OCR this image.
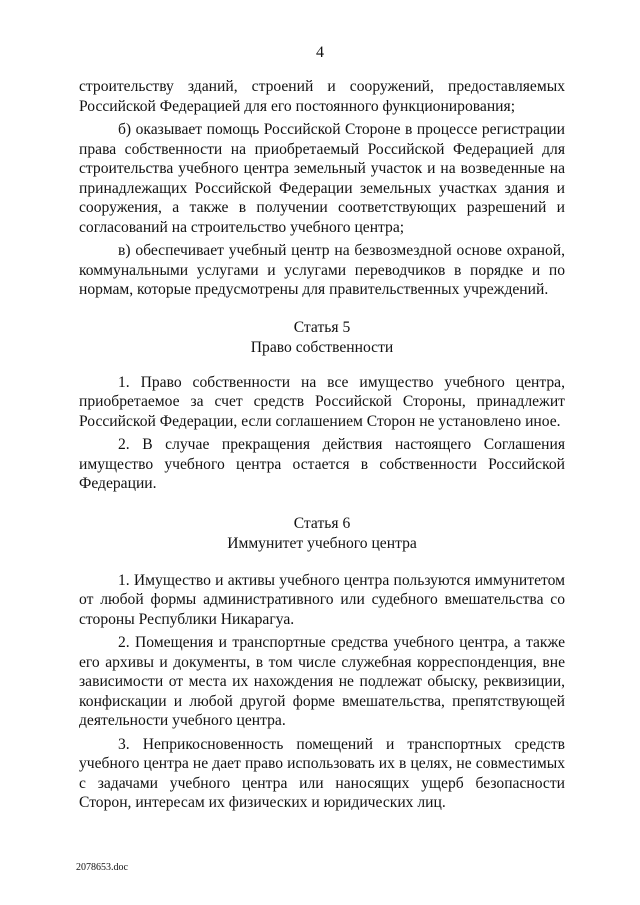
4

строительству зданий, строений и сооружений, предоставляемых Российской Федерацией для его постоянного функционирования;

б) оказывает помощь Российской Стороне в процессе регистрации права собственности на приобретаемый Российской Федерацией для строительства учебного центра земельный участок и на возведенные на принадлежащих Российской Федерации земельных участках здания и сооружения, а также в получении соответствующих разрешений и согласований на строительство учебного центра;

в) обеспечивает учебный центр на безвозмездной основе охраной, коммунальными услугами и услугами переводчиков в порядке и по нормам, которые предусмотрены для правительственных учреждений.

Статья 5
Право собственности

1. Право собственности на все имущество учебного центра, приобретаемое за счет средств Российской Стороны, принадлежит Российской Федерации, если соглашением Сторон не установлено иное.

2. В случае прекращения действия настоящего Соглашения имущество учебного центра остается в собственности Российской Федерации.

Статья 6
Иммунитет учебного центра

1. Имущество и активы учебного центра пользуются иммунитетом от любой формы административного или судебного вмешательства со стороны Республики Никарагуа.

2. Помещения и транспортные средства учебного центра, а также его архивы и документы, в том числе служебная корреспонденция, вне зависимости от места их нахождения не подлежат обыску, реквизиции, конфискации и любой другой форме вмешательства, препятствующей деятельности учебного центра.

3. Неприкосновенность помещений и транспортных средств учебного центра не дает право использовать их в целях, не совместимых с задачами учебного центра или наносящих ущерб безопасности Сторон, интересам их физических и юридических лиц.

2078653.doc
